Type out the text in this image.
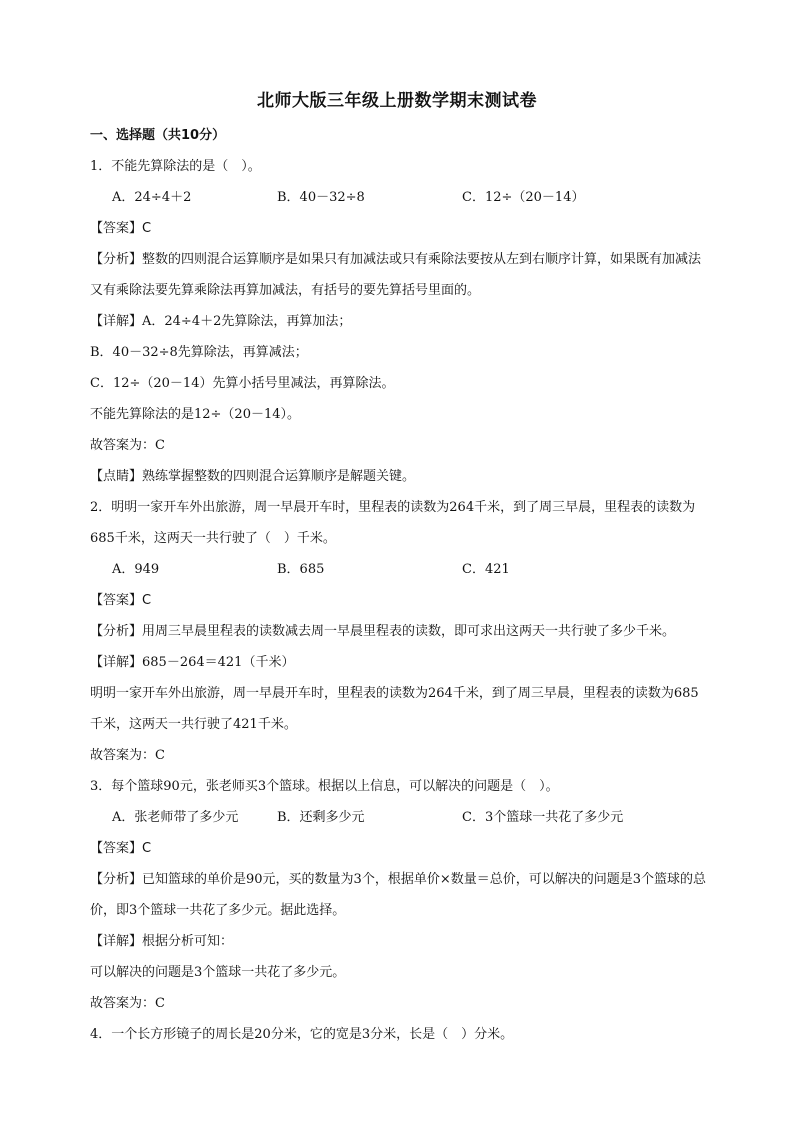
北师大版三年级上册数学期末测试卷
一、选择题（共10分）
1．不能先算除法的是（　）。
A．24÷4＋2	B．40－32÷8	C．12÷（20－14）
【答案】C
【分析】整数的四则混合运算顺序是如果只有加减法或只有乘除法要按从左到右顺序计算，如果既有加减法又有乘除法要先算乘除法再算加减法，有括号的要先算括号里面的。
【详解】A．24÷4＋2先算除法，再算加法；
B．40－32÷8先算除法，再算减法；
C．12÷（20－14）先算小括号里减法，再算除法。
不能先算除法的是12÷（20－14）。
故答案为：C
【点睛】熟练掌握整数的四则混合运算顺序是解题关键。
2．明明一家开车外出旅游，周一早晨开车时，里程表的读数为264千米，到了周三早晨，里程表的读数为685千米，这两天一共行驶了（　）千米。
A．949	B．685	C．421
【答案】C
【分析】用周三早晨里程表的读数减去周一早晨里程表的读数，即可求出这两天一共行驶了多少千米。
【详解】685－264＝421（千米）
明明一家开车外出旅游，周一早晨开车时，里程表的读数为264千米，到了周三早晨，里程表的读数为685千米，这两天一共行驶了421千米。
故答案为：C
3．每个篮球90元，张老师买3个篮球。根据以上信息，可以解决的问题是（　）。
A．张老师带了多少元	B．还剩多少元	C．3个篮球一共花了多少元
【答案】C
【分析】已知篮球的单价是90元，买的数量为3个，根据单价×数量＝总价，可以解决的问题是3个篮球的总价，即3个篮球一共花了多少元。据此选择。
【详解】根据分析可知：
可以解决的问题是3个篮球一共花了多少元。
故答案为：C
4．一个长方形镜子的周长是20分米，它的宽是3分米，长是（　）分米。
